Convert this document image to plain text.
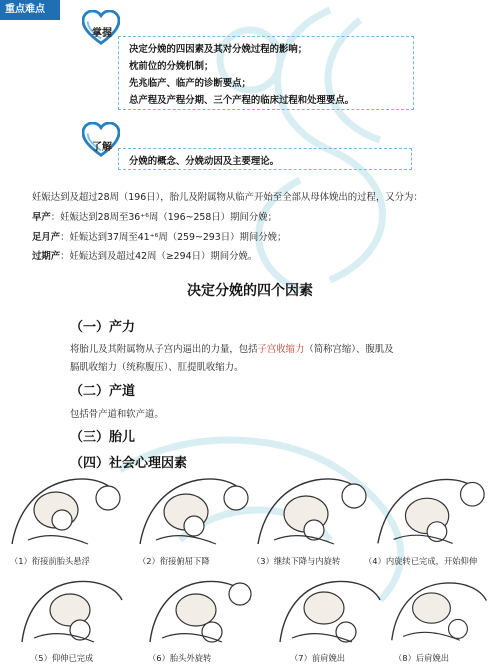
重点难点
掌握
决定分娩的四因素及其对分娩过程的影响；
枕前位的分娩机制；
先兆临产、临产的诊断要点；
总产程及产程分期、三个产程的临床过程和处理要点。
了解
分娩的概念、分娩动因及主要理论。
妊娠达到及超过28周（196日），胎儿及附属物从临产开始至全部从母体娩出的过程，又分为：
早产：妊娠达到28周至36⁺⁶周（196~258日）期间分娩；
足月产：妊娠达到37周至41⁺⁶周（259~293日）期间分娩；
过期产：妊娠达到及超过42周（≥294日）期间分娩。
决定分娩的四个因素
（一）产力
将胎儿及其附属物从子宫内逼出的力量，包括子宫收缩力（简称宫缩）、腹肌及
膈肌收缩力（统称腹压）、肛提肌收缩力。
（二）产道
包括骨产道和软产道。
（三）胎儿
（四）社会心理因素
（1）衔接前胎头悬浮	（2）衔接俯屈下降	（3）继续下降与内旋转	（4）内旋转已完成，开始仰伸
（5）仰伸已完成	（6）胎头外旋转	（7）前肩娩出	（8）后肩娩出
